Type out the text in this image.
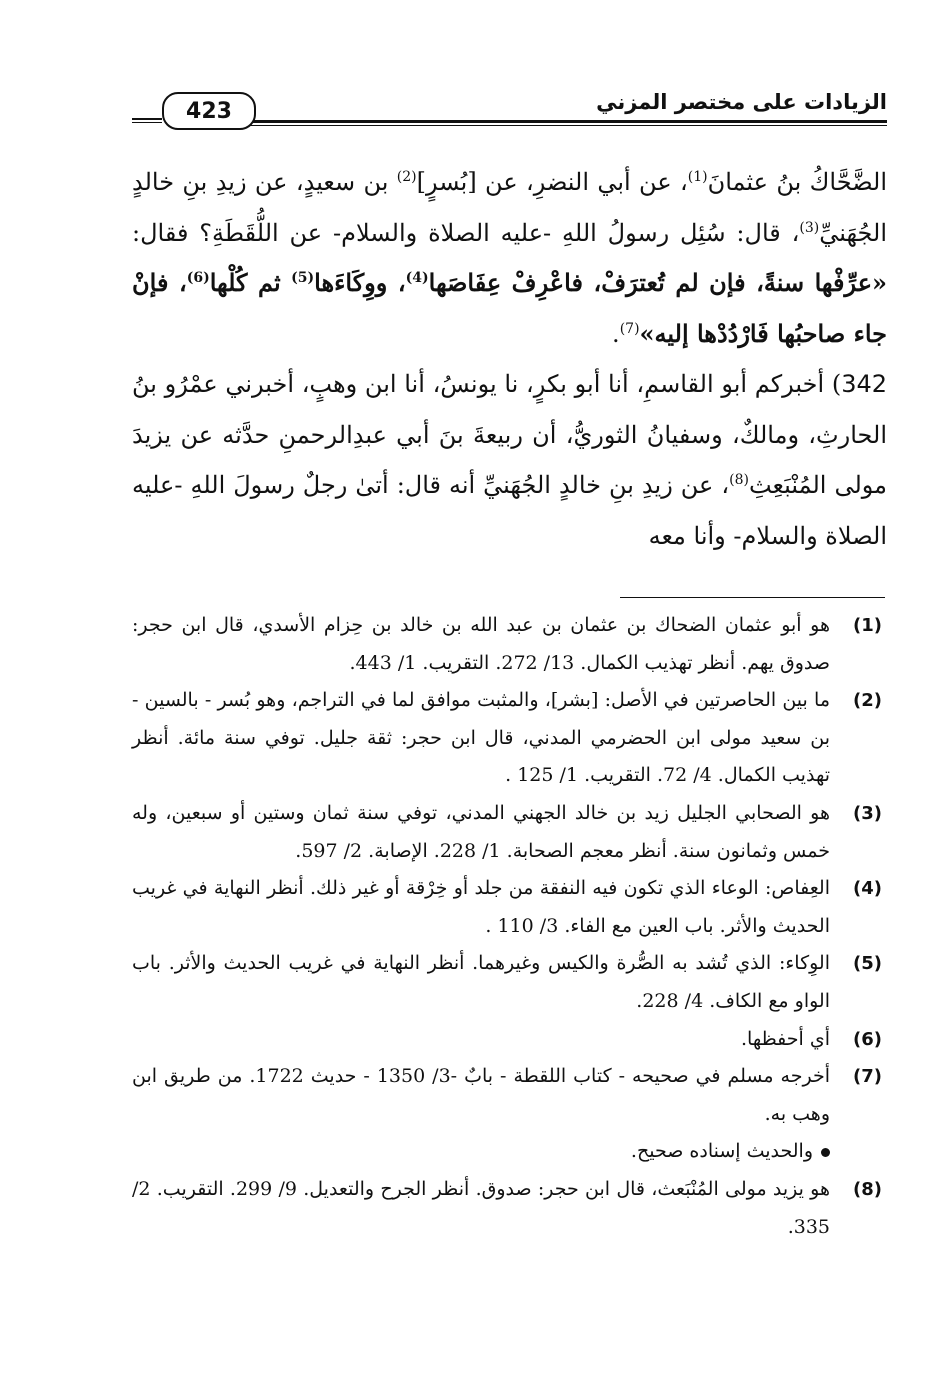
الزيادات على مختصر المزني
423

الضَّحَّاكُ بنُ عثمانَ$^{(1)}$، عن أبي النضرِ، عن [بُسرٍ]$^{(2)}$ بن سعيدٍ، عن زيدِ بنِ خالدٍ الجُهَنيِّ$^{(3)}$، قال: سُئِل رسولُ اللهِ -عليه الصلاة والسلام- عن اللُّقَطَةِ؟ فقال: «عرِّفْها سنةً، فإن لم تُعترَفْ، فاعْرِفْ عِفَاصَها$^{(4)}$، ووِكَاءَها$^{(5)}$ ثم كُلْها$^{(6)}$، فإنْ جاء صاحبُها فَارْدُدْها إليه»$^{(7)}$.

342) أخبركم أبو القاسمِ، أنا أبو بكرٍ، نا يونسُ، أنا ابن وهبٍ، أخبرني عمْرُو بنُ الحارثِ، ومالكٌ، وسفيانُ الثوريُّ، أن ربيعةَ بنَ أبي عبدِالرحمنِ حدَّثه عن يزيدَ مولى المُنْبَعِثِ$^{(8)}$، عن زيدِ بنِ خالدٍ الجُهَنيِّ أنه قال: أتىٰ رجلٌ رسولَ اللهِ -عليه الصلاة والسلام- وأنا معه

(1)
هو أبو عثمان الضحاك بن عثمان بن عبد الله بن خالد بن حِزام الأسدي، قال ابن حجر: صدوق يهم. أنظر تهذيب الكمال. 13/ 272. التقريب. 1/ 443.
(2)
ما بين الحاصرتين في الأصل: [بشر]، والمثبت موافق لما في التراجم، وهو بُسر - بالسين - بن سعيد مولى ابن الحضرمي المدني، قال ابن حجر: ثقة جليل. توفي سنة مائة. أنظر تهذيب الكمال. 4/ 72. التقريب. 1/ 125 .
(3)
هو الصحابي الجليل زيد بن خالد الجهني المدني، توفي سنة ثمان وستين أو سبعين، وله خمس وثمانون سنة. أنظر معجم الصحابة. 1/ 228. الإصابة. 2/ 597.
(4)
العِفاص: الوعاء الذي تكون فيه النفقة من جلد أو خِرْقة أو غير ذلك. أنظر النهاية في غريب الحديث والأثر. باب العين مع الفاء. 3/ 110 .
(5)
الوِكاء: الذي تُشد به الصُّرة والكيس وغيرهما. أنظر النهاية في غريب الحديث والأثر. باب الواو مع الكاف. 4/ 228.
(6)
أي أحفظها.
(7)
أخرجه مسلم في صحيحه - كتاب اللقطة - بابٌ -3/ 1350 - حديث 1722. من طريق ابن وهب به.

والحديث إسناده صحيح.

(8)
هو يزيد مولى المُنْبَعث، قال ابن حجر: صدوق. أنظر الجرح والتعديل. 9/ 299. التقريب. 2/ 335.
